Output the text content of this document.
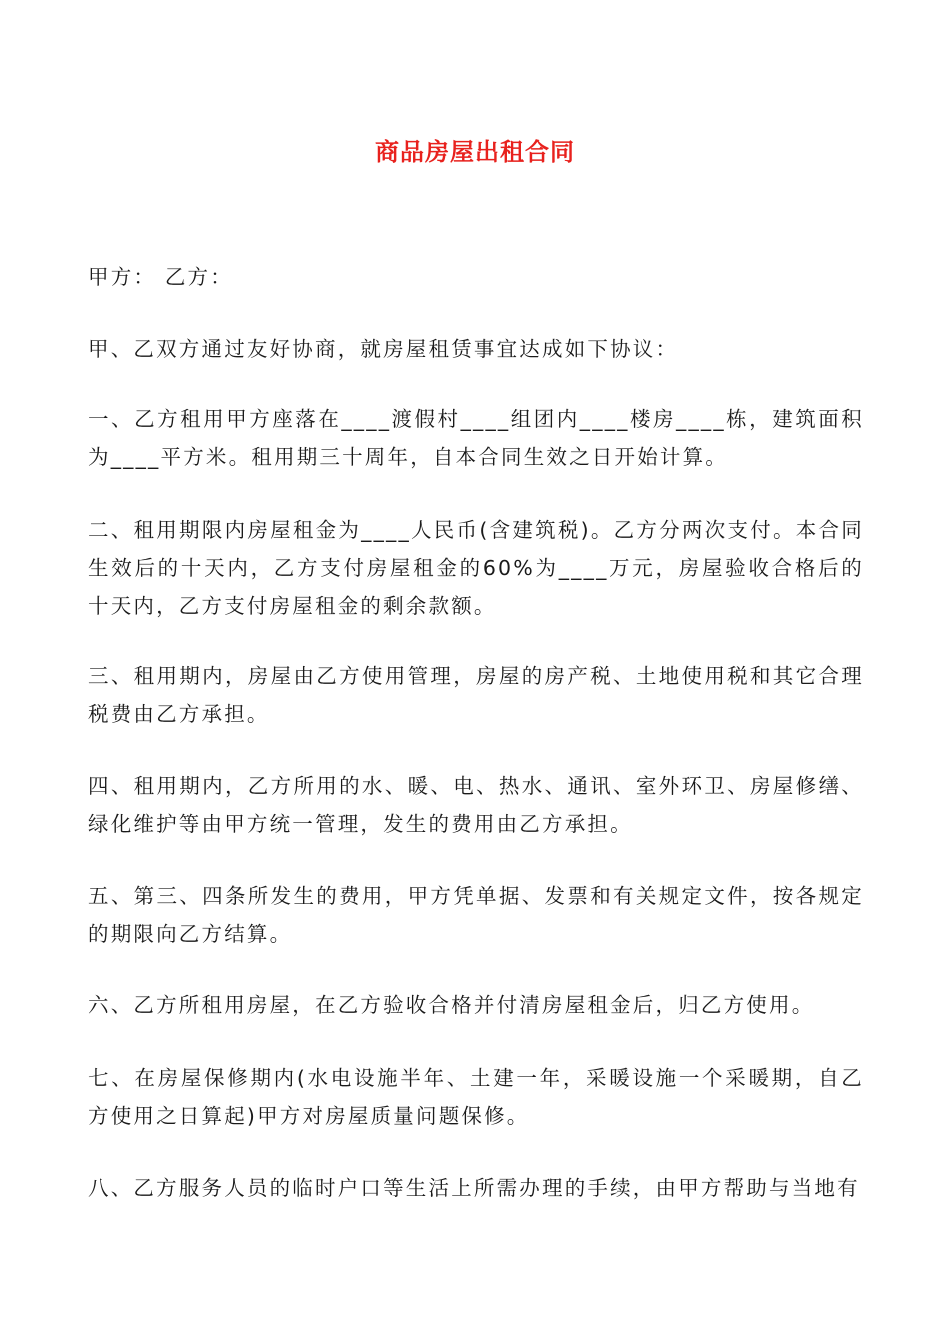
商品房屋出租合同

甲方： 乙方：

甲、乙双方通过友好协商，就房屋租赁事宜达成如下协议：

一、乙方租用甲方座落在____渡假村____组团内____楼房____栋，建筑面积为____平方米。租用期三十周年，自本合同生效之日开始计算。

二、租用期限内房屋租金为____人民币(含建筑税)。乙方分两次支付。本合同生效后的十天内，乙方支付房屋租金的60%为____万元，房屋验收合格后的十天内，乙方支付房屋租金的剩余款额。

三、租用期内，房屋由乙方使用管理，房屋的房产税、土地使用税和其它合理税费由乙方承担。

四、租用期内，乙方所用的水、暖、电、热水、通讯、室外环卫、房屋修缮、绿化维护等由甲方统一管理，发生的费用由乙方承担。

五、第三、四条所发生的费用，甲方凭单据、发票和有关规定文件，按各规定的期限向乙方结算。

六、乙方所租用房屋，在乙方验收合格并付清房屋租金后，归乙方使用。

七、在房屋保修期内(水电设施半年、土建一年，采暖设施一个采暖期，自乙方使用之日算起)甲方对房屋质量问题保修。

八、乙方服务人员的临时户口等生活上所需办理的手续，由甲方帮助与当地有
